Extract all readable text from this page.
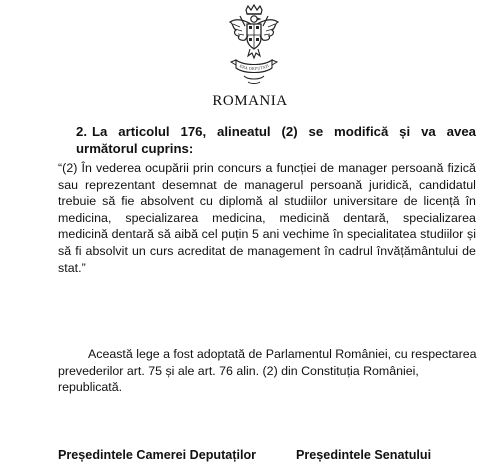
ERA DEPUTAȚI
ROMANIA
2. La articolul 176, alineatul (2) se modifică și va avea următorul cuprins:
“(2) În vederea ocupării prin concurs a funcției de manager persoană fizică sau reprezentant desemnat de managerul persoană juridică, candidatul trebuie să fie absolvent cu diplomă al studiilor universitare de licență în medicina, specializarea medicina, medicină dentară, specializarea medicină dentară să aibă cel puțin 5 ani vechime în specialitatea studiilor și să fi absolvit un curs acreditat de management în cadrul învățământului de stat.”
Această lege a fost adoptată de Parlamentul României, cu respectarea prevederilor art. 75 și ale art. 76 alin. (2) din Constituția României, republicată.
Președintele Camerei Deputaților	Președintele Senatului
